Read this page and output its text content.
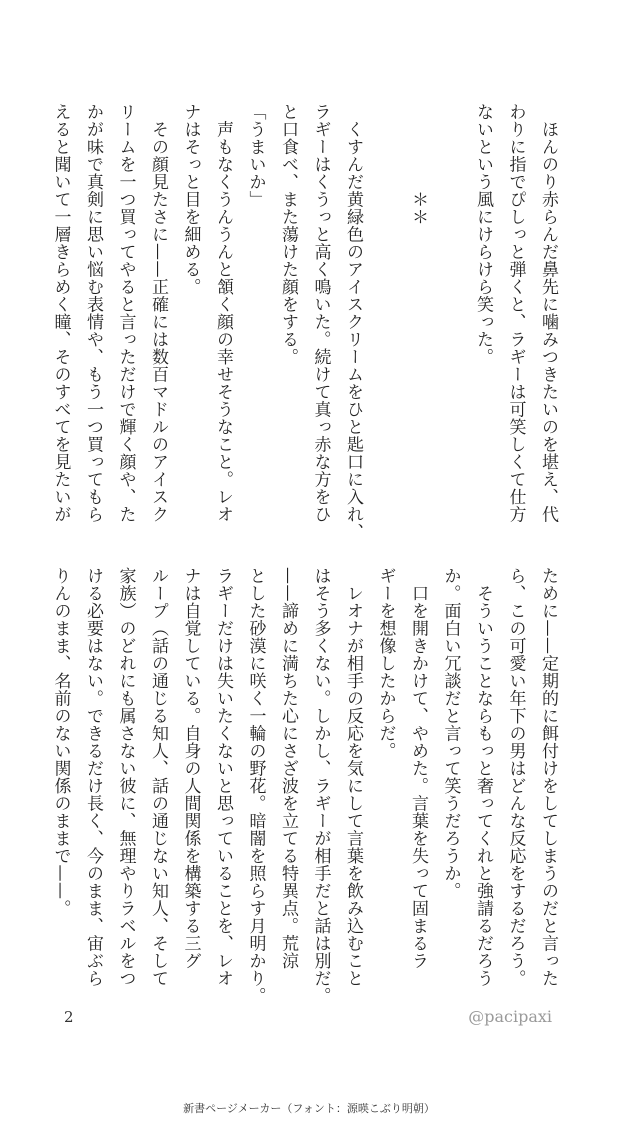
　ほんのり赤らんだ鼻先に噛みつきたいのを堪え、代
わりに指でぴしっと弾くと、ラギーは可笑しくて仕方
ないという風にけらけら笑った。

　　　　　＊＊

　くすんだ黄緑色のアイスクリームをひと匙口に入れ、
ラギーはくうっと高く鳴いた。続けて真っ赤な方をひ
と口食べ、また蕩けた顔をする。
「うまいか」
　声もなくうんうんと頷く顔の幸せそうなこと。レオ
ナはそっと目を細める。
　その顔見たさに——正確には数百マドルのアイスク
リームを一つ買ってやると言っただけで輝く顔や、た
かが味で真剣に思い悩む表情や、もう一つ買ってもら
えると聞いて一層きらめく瞳、そのすべてを見たいが
ために——定期的に餌付けをしてしまうのだと言った
ら、この可愛い年下の男はどんな反応をするだろう。
　そういうことならもっと奢ってくれと強請るだろう
か。面白い冗談だと言って笑うだろうか。
　口を開きかけて、やめた。言葉を失って固まるラ
ギーを想像したからだ。
　レオナが相手の反応を気にして言葉を飲み込むこと
はそう多くない。しかし、ラギーが相手だと話は別だ。
——諦めに満ちた心にさざ波を立てる特異点。荒涼
とした砂漠に咲く一輪の野花。暗闇を照らす月明かり。
ラギーだけは失いたくないと思っていることを、レオ
ナは自覚している。自身の人間関係を構築する三グ
ループ（話の通じる知人、話の通じない知人、そして
家族）のどれにも属さない彼に、無理やりラベルをつ
ける必要はない。できるだけ長く、今のまま、宙ぶら
りんのまま、名前のない関係のままで——。
2	@pacipaxi
新書ページメーカー（フォント：源暎こぶり明朝）
